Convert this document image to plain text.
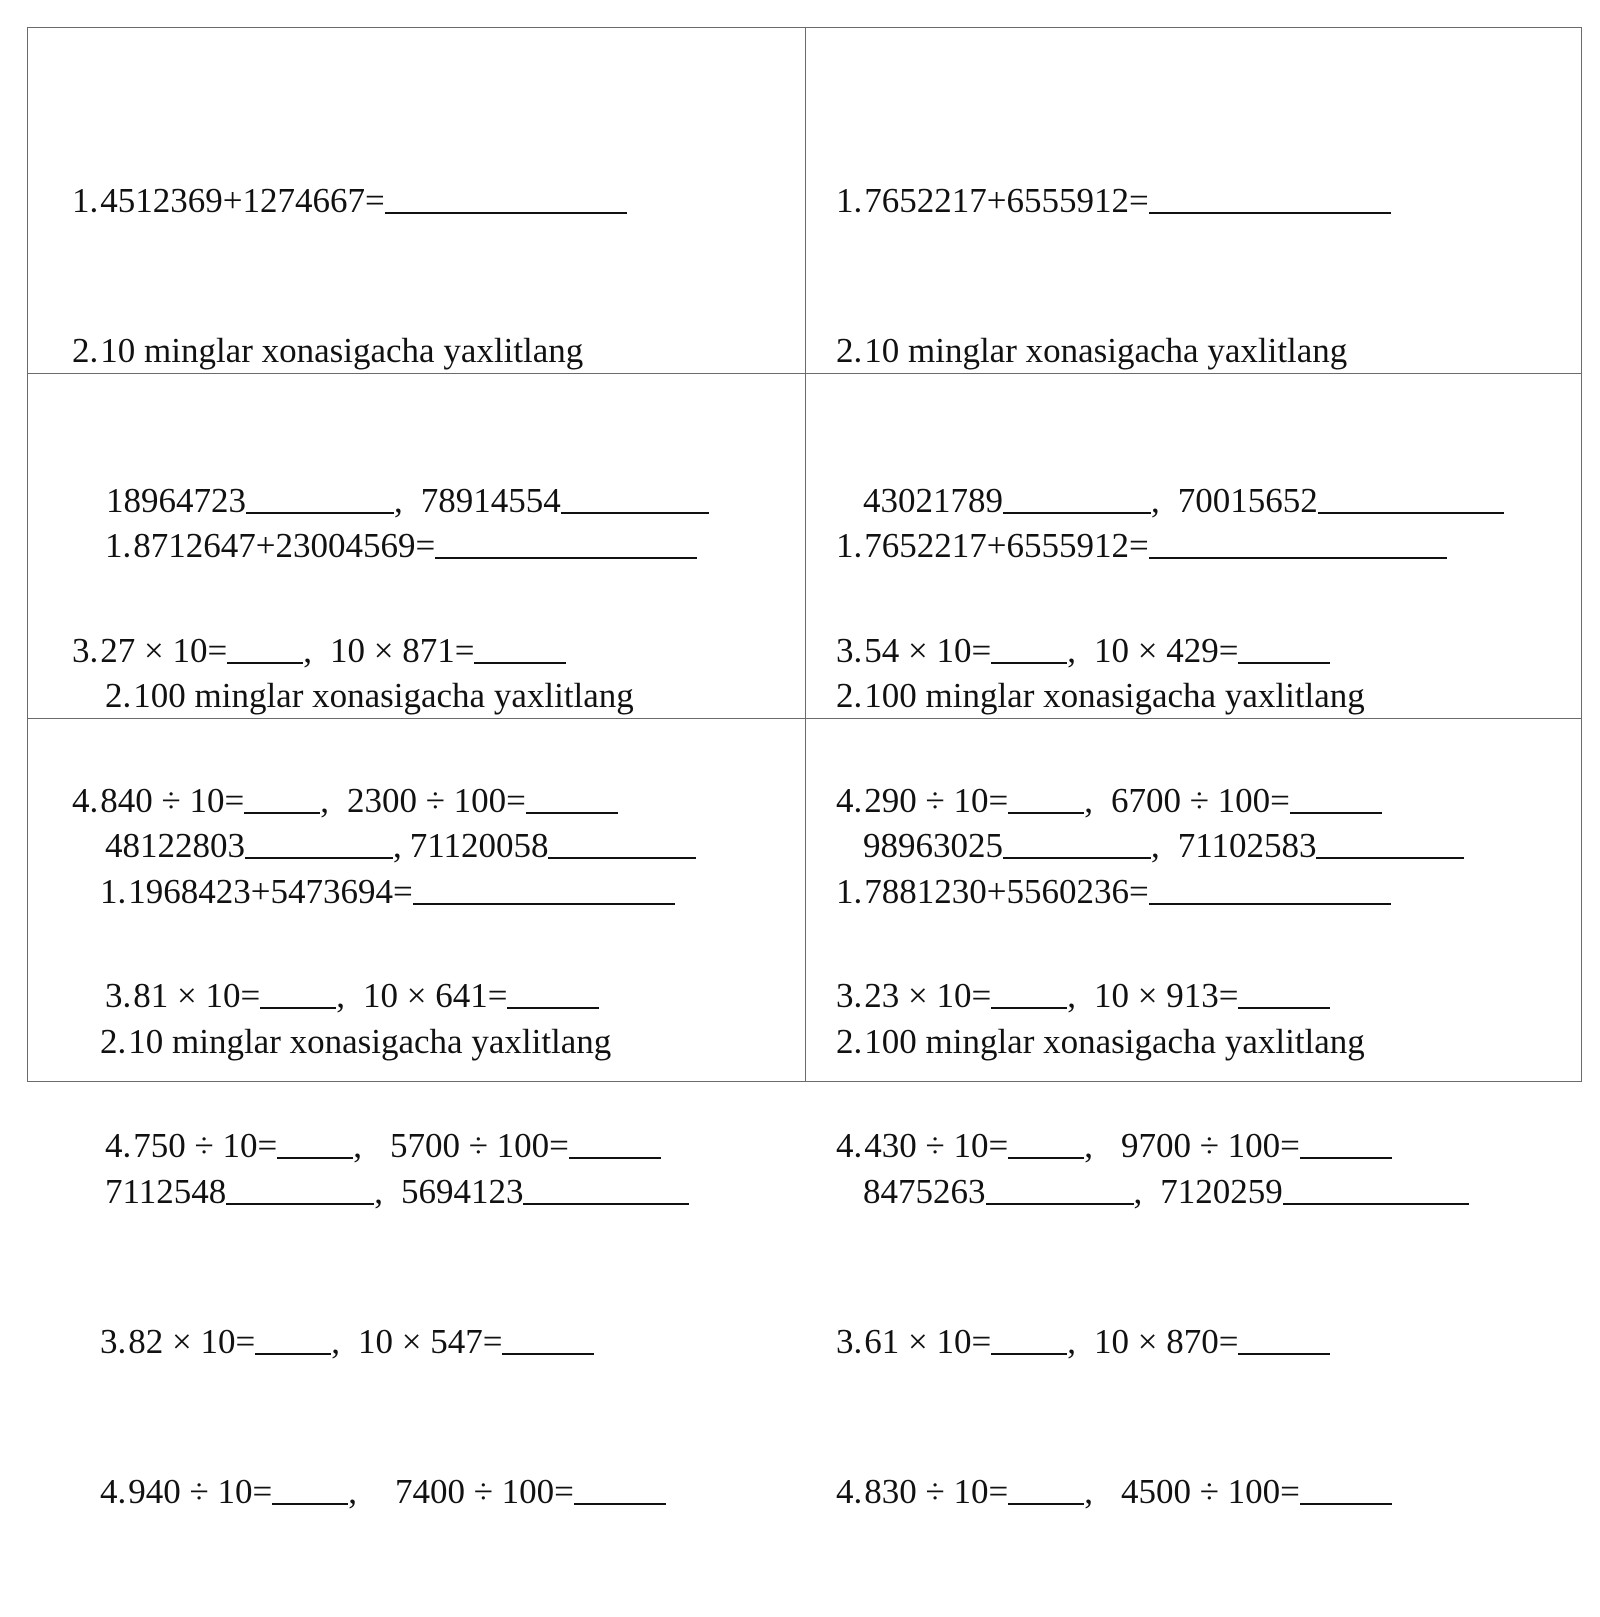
1. 4512369+1274667=

2. 10 minglar xonasigacha yaxlitlang

18964723	, 78914554

3. 27 × 10= , 10 × 871=

4. 840 ÷ 10= , 2300 ÷ 100=

1. 7652217+6555912=

2. 10 minglar xonasigacha yaxlitlang

43021789	, 70015652

3. 54 × 10= , 10 × 429=

4. 290 ÷ 10= , 6700 ÷ 100=

1. 8712647+23004569=

2. 100 minglar xonasigacha yaxlitlang

48122803	, 71120058

3. 81 × 10= , 10 × 641=

4. 750 ÷ 10= , 5700 ÷ 100=

1. 7652217+6555912=

2. 100 minglar xonasigacha yaxlitlang

98963025	, 71102583

3. 23 × 10= , 10 × 913=

4. 430 ÷ 10= , 9700 ÷ 100=

1. 1968423+5473694=

2. 10 minglar xonasigacha yaxlitlang

7112548	, 5694123

3. 82 × 10= , 10 × 547=

4. 940 ÷ 10= , 7400 ÷ 100=

1. 7881230+5560236=

2. 100 minglar xonasigacha yaxlitlang

8475263	, 7120259

3. 61 × 10= , 10 × 870=

4. 830 ÷ 10= , 4500 ÷ 100=
